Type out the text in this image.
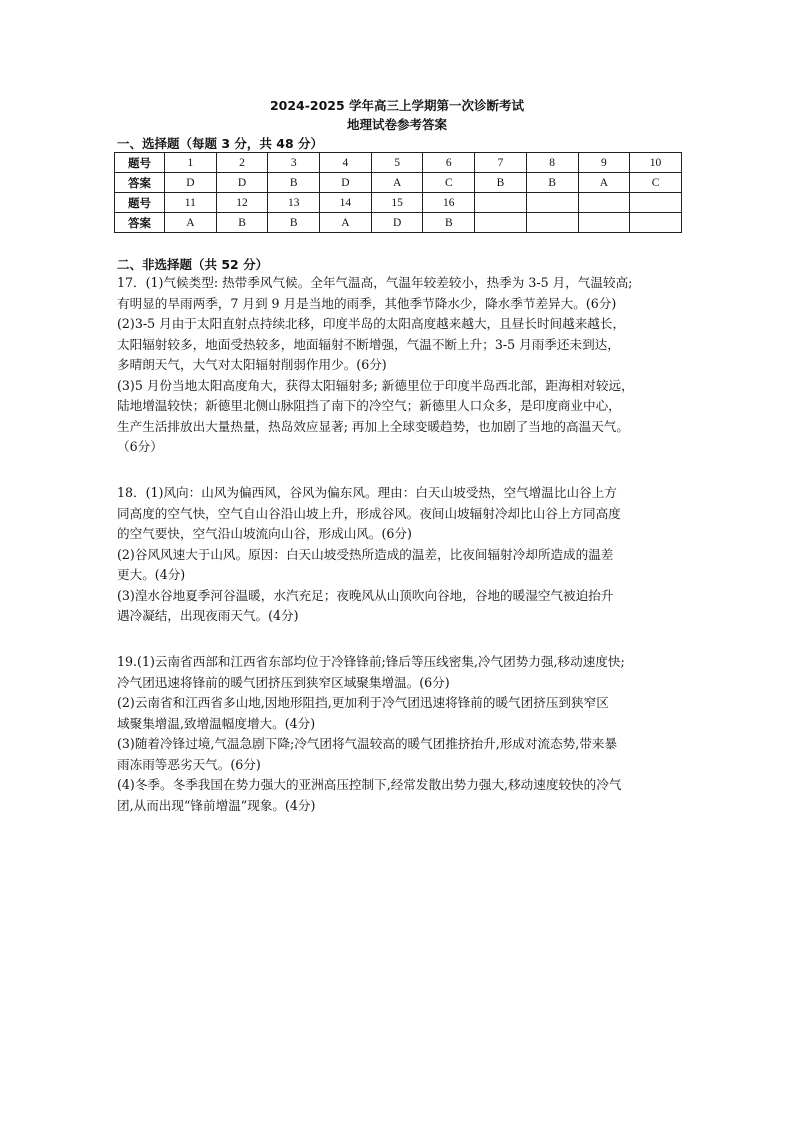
2024-2025 学年高三上学期第一次诊断考试
地理试卷参考答案
一、选择题（每题 3 分，共 48 分）
题号	1	2	3	4	5	6	7	8	9	10
答案	D	D	B	D	A	C	B	B	A	C
题号	11	12	13	14	15	16				
答案	A	B	B	A	D	B				
二、非选择题（共 52 分）

17．(1)气候类型: 热带季风气候。全年气温高，气温年较差较小，热季为 3-5 月，气温较高;

有明显的旱雨两季，7 月到 9 月是当地的雨季，其他季节降水少，降水季节差异大。(6分)

(2)3-5 月由于太阳直射点持续北移，印度半岛的太阳高度越来越大，且昼长时间越来越长，

太阳辐射较多，地面受热较多，地面辐射不断增强，气温不断上升；3-5 月雨季还未到达，

多晴朗天气，大气对太阳辐射削弱作用少。(6分)

(3)5 月份当地太阳高度角大，获得太阳辐射多; 新德里位于印度半岛西北部，距海相对较远，

陆地增温较快；新德里北侧山脉阻挡了南下的冷空气；新德里人口众多，是印度商业中心，

生产生活排放出大量热量，热岛效应显著; 再加上全球变暖趋势，也加剧了当地的高温天气。

（6分）

18．(1)风向：山风为偏西风，谷风为偏东风。理由：白天山坡受热，空气增温比山谷上方

同高度的空气快，空气自山谷沿山坡上升，形成谷风。夜间山坡辐射冷却比山谷上方同高度

的空气要快，空气沿山坡流向山谷，形成山风。(6分)

(2)谷风风速大于山风。原因：白天山坡受热所造成的温差，比夜间辐射冷却所造成的温差

更大。(4分)

(3)湟水谷地夏季河谷温暖，水汽充足；夜晚风从山顶吹向谷地，谷地的暖湿空气被迫抬升

遇冷凝结，出现夜雨天气。(4分)

19.(1)云南省西部和江西省东部均位于冷锋锋前;锋后等压线密集,冷气团势力强,移动速度快;

冷气团迅速将锋前的暖气团挤压到狭窄区域聚集增温。(6分)

(2)云南省和江西省多山地,因地形阻挡,更加利于冷气团迅速将锋前的暖气团挤压到狭窄区

域聚集增温,致增温幅度增大。(4分)

(3)随着冷锋过境,气温急剧下降;冷气团将气温较高的暖气团推挤抬升,形成对流态势,带来暴

雨冻雨等恶劣天气。(6分)

(4)冬季。冬季我国在势力强大的亚洲高压控制下,经常发散出势力强大,移动速度较快的冷气

团,从而出现“锋前增温”现象。(4分)
